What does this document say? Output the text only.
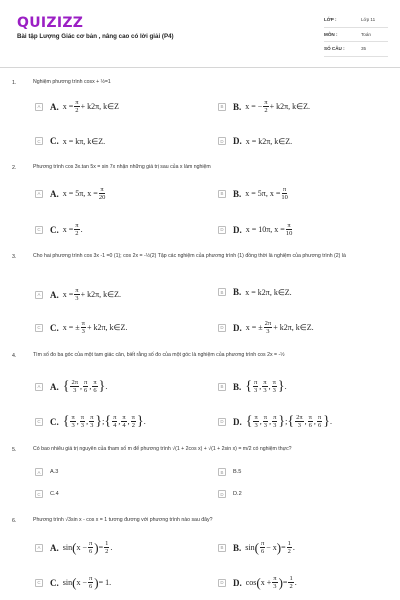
QUIZIZZ
Bài tập Lượng Giác cơ bản , nâng cao có lời giải (P4)
LỚP :	Lớp 11
MÔN :	Toán
SỐ CÂU :	35
1.	Nghiệm phương trình cosx + ½=1
A A. $x = \frac{\pi}{2} + k2\pi$, k∈Z	B B. x = − $\frac{\pi}{2} + k2\pi$, k∈Z.
C C. x = kπ, k∈Z.	D D. x = k2π, k∈Z.
2.	Phương trình cos 3x.tan 5x = sin 7x nhận những giá trị sau của x làm nghiệm
A A. x = 5π, $x = \frac{\pi}{20}$	B B. x = 5π, $x = \frac{\pi}{10}$
C C. $x = \frac{\pi}{2}$ .	D D. x = 10π, $x = \frac{\pi}{10}$
3.	Cho hai phương trình cos 3x -1 =0 (1); cos 2x = -½(2) Tập các nghiệm của phương trình (1) đồng thời là nghiệm của phương trình (2) là
A A. $x = \frac{\pi}{3} + k2\pi$, k∈Z.	B B. x = k2π, k∈Z.
C C. x = ± $\frac{\pi}{3} + k2\pi$, k∈Z.	D D. x = ± $\frac{2\pi}{3} + k2\pi$, k∈Z.
4.	Tìm số đo ba góc của một tam giác cân, biết rằng số đo của một góc là nghiệm của phương trình cos 2x = -½
A A. { $\frac{2\pi}{3}$ , $\frac{\pi}{6}$ , $\frac{\pi}{6}$ } .	B B. { $\frac{\pi}{3}$ , $\frac{\pi}{3}$ , $\frac{\pi}{3}$ } .
C C. { $\frac{\pi}{3}$ , $\frac{\pi}{3}$ , $\frac{\pi}{3}$ } ; { $\frac{\pi}{4}$ , $\frac{\pi}{4}$ , $\frac{\pi}{2}$ } .	D D. { $\frac{\pi}{3}$ , $\frac{\pi}{3}$ , $\frac{\pi}{3}$ } ; { $\frac{2\pi}{3}$ , $\frac{\pi}{6}$ , $\frac{\pi}{6}$ } .
5.	Có bao nhiêu giá trị nguyên của tham số m để phương trình √(1 + 2cos x) + √(1 + 2sin x) = m/2 có nghiệm thực?
A	A. 3	B	B. 5
C	C. 4	D	D. 2
6.	Phương trình √3sin x - cos x = 1 tương đương với phương trình nào sau đây?
A A. sin ( $x - \frac{\pi}{6}$ ) = $\frac{1}{2}$ .	B B. sin ( $\frac{\pi}{6} - x$ ) = $\frac{1}{2}$ .
C C. sin ( $x - \frac{\pi}{6}$ ) = 1.	D D. cos ( $x + \frac{\pi}{3}$ ) = $\frac{1}{2}$ .
